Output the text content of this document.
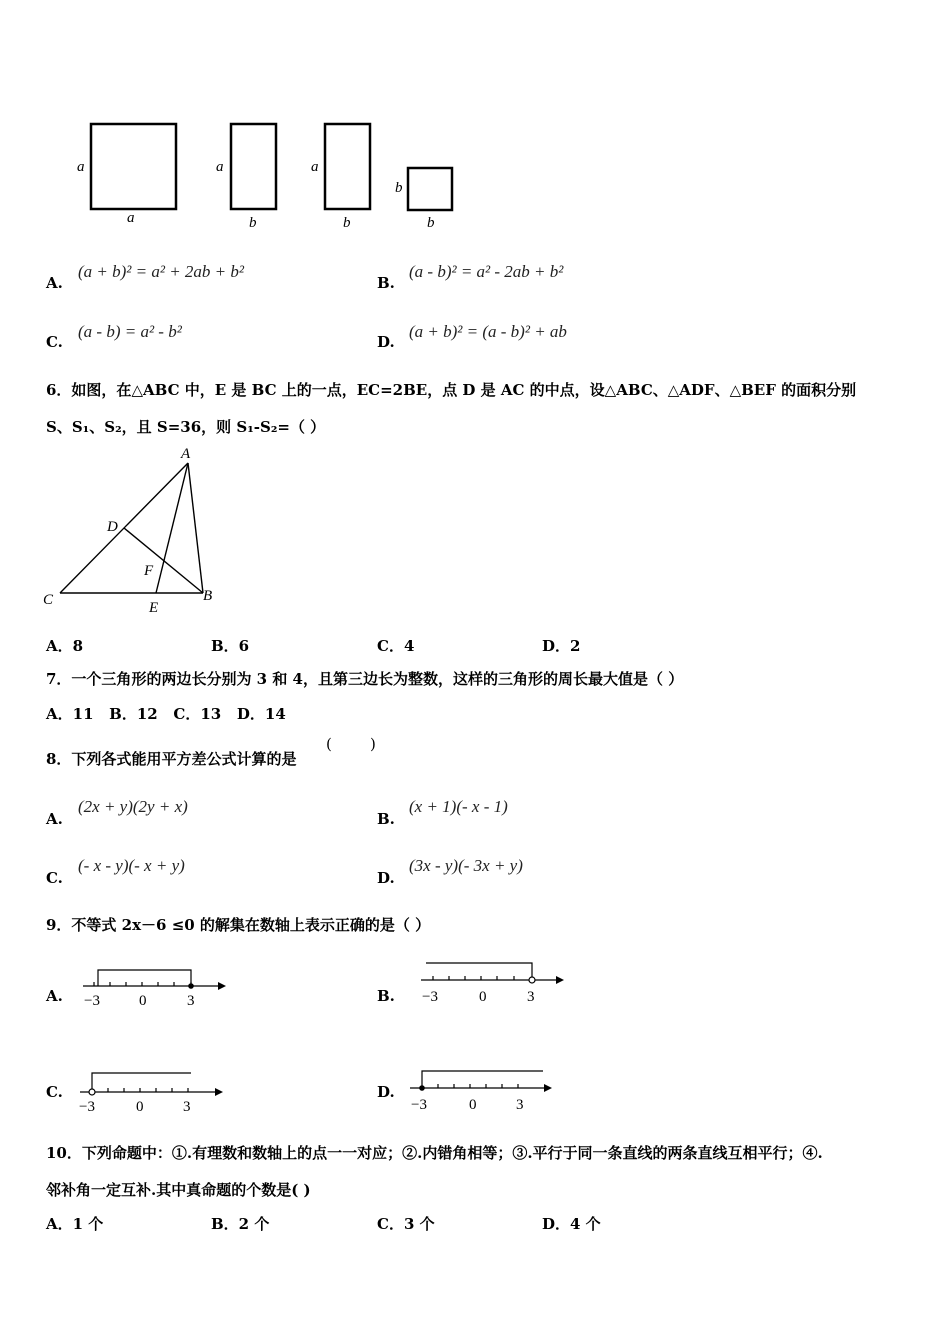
a
a
a
b
a
b
b
b
A.
(a + b)² = a² + 2ab + b²
B.
(a - b)² = a² - 2ab + b²
C.
(a - b) = a² - b²
D.
(a + b)² = (a - b)² + ab
6．如图，在△ABC 中，E 是 BC 上的一点，EC=2BE，点 D 是 AC 的中点，设△ABC、△ADF、△BEF 的面积分别
S、S₁、S₂，且 S=36，则 S₁-S₂=（ ）
A
B
C
D
E
F
A．8	B．6	C．4	D．2
7．一个三角形的两边长分别为 3 和 4，且第三边长为整数，这样的三角形的周长最大值是（ ）
A．11   B．12   C．13   D．14
8．下列各式能用平方差公式计算的是
(        )
A.
(2x + y)(2y + x)
B.
(x + 1)(- x - 1)
C.
(- x - y)(- x + y)
D.
(3x - y)(- 3x + y)
9．不等式 2x－6 ≤0 的解集在数轴上表示正确的是（ ）
A. −3	0	3	B. −3	0	3
C.
−3	0	3
D.
−3	0	3
10．下列命题中：①.有理数和数轴上的点一一对应；②.内错角相等；③.平行于同一条直线的两条直线互相平行；④.
邻补角一定互补.其中真命题的个数是( )
A．1 个	B．2 个	C．3 个	D．4 个
